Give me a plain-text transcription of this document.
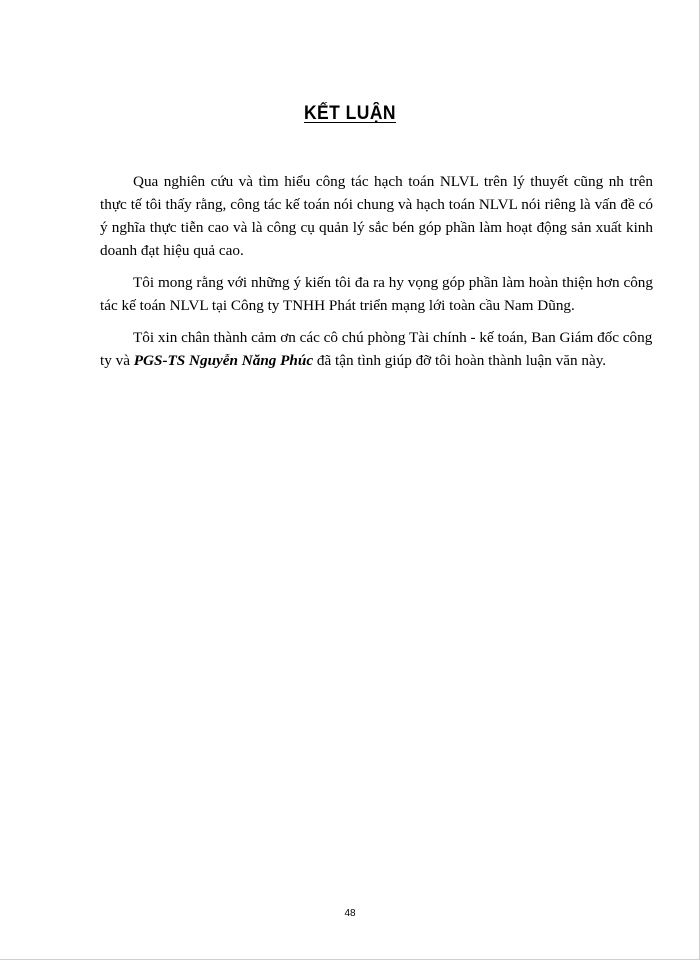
KẾT LUẬN

Qua nghiên cứu và tìm hiểu công tác hạch toán NLVL trên lý thuyết cũng nh trên thực tế tôi thấy rằng, công tác kế toán nói chung và hạch toán NLVL nói riêng là vấn đề có ý nghĩa thực tiễn cao và là công cụ quản lý sắc bén góp phần làm hoạt động sản xuất kinh doanh đạt hiệu quả cao.

Tôi mong rằng với những ý kiến tôi đa ra hy vọng góp phần làm hoàn thiện hơn công tác kế toán NLVL tại Công ty TNHH Phát triển mạng lới toàn cầu Nam Dũng.

Tôi xin chân thành cảm ơn các cô chú phòng Tài chính - kế toán, Ban Giám đốc công ty và PGS-TS Nguyễn Năng Phúc đã tận tình giúp đỡ tôi hoàn thành luận văn này.

48
